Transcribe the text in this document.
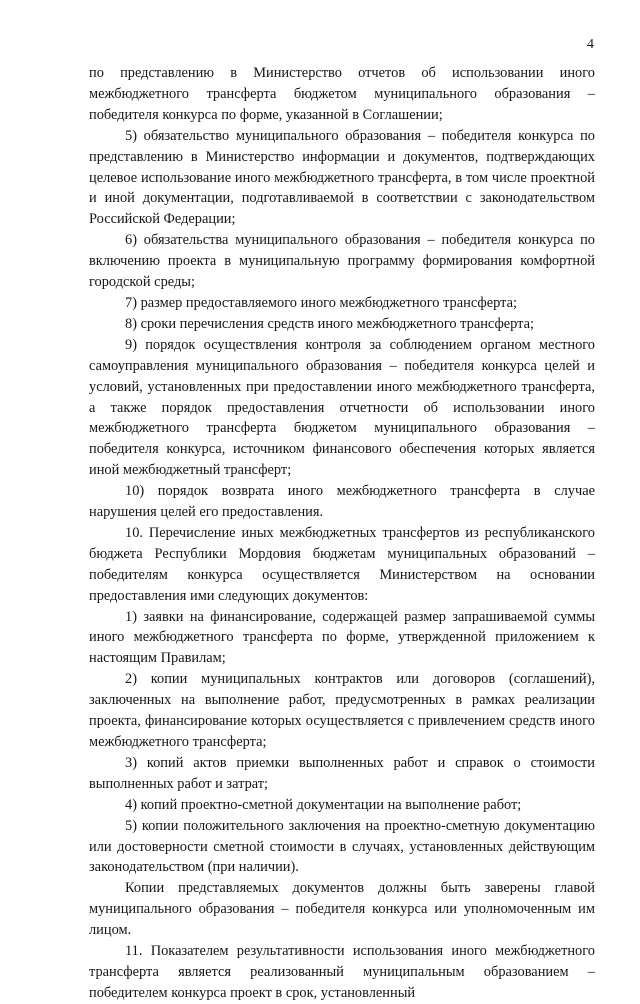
4

по представлению в Министерство отчетов об использовании иного межбюджетного трансферта бюджетом муниципального образования – победителя конкурса по форме, указанной в Соглашении;

5) обязательство муниципального образования – победителя конкурса по представлению в Министерство информации и документов, подтверждающих целевое использование иного межбюджетного трансферта, в том числе проектной и иной документации, подготавливаемой в соответствии с законодательством Российской Федерации;

6) обязательства муниципального образования – победителя конкурса по включению проекта в муниципальную программу формирования комфортной городской среды;

7) размер предоставляемого иного межбюджетного трансферта;

8) сроки перечисления средств иного межбюджетного трансферта;

9) порядок осуществления контроля за соблюдением органом местного самоуправления муниципального образования – победителя конкурса целей и условий, установленных при предоставлении иного межбюджетного трансферта, а также порядок предоставления отчетности об использовании иного межбюджетного трансферта бюджетом муниципального образования – победителя конкурса, источником финансового обеспечения которых является иной межбюджетный трансферт;

10) порядок возврата иного межбюджетного трансферта в случае нарушения целей его предоставления.

10. Перечисление иных межбюджетных трансфертов из республиканского бюджета Республики Мордовия бюджетам муниципальных образований – победителям конкурса осуществляется Министерством на основании предоставления ими следующих документов:

1) заявки на финансирование, содержащей размер запрашиваемой суммы иного межбюджетного трансферта по форме, утвержденной приложением к настоящим Правилам;

2) копии муниципальных контрактов или договоров (соглашений), заключенных на выполнение работ, предусмотренных в рамках реализации проекта, финансирование которых осуществляется с привлечением средств иного межбюджетного трансферта;

3) копий актов приемки выполненных работ и справок о стоимости выполненных работ и затрат;

4) копий проектно-сметной документации на выполнение работ;

5) копии положительного заключения на проектно-сметную документацию или достоверности сметной стоимости в случаях, установленных действующим законодательством (при наличии).

Копии представляемых документов должны быть заверены главой муниципального образования – победителя конкурса или уполномоченным им лицом.

11. Показателем результативности использования иного межбюджетного трансферта является реализованный муниципальным образованием – победителем конкурса проект в срок, установленный
